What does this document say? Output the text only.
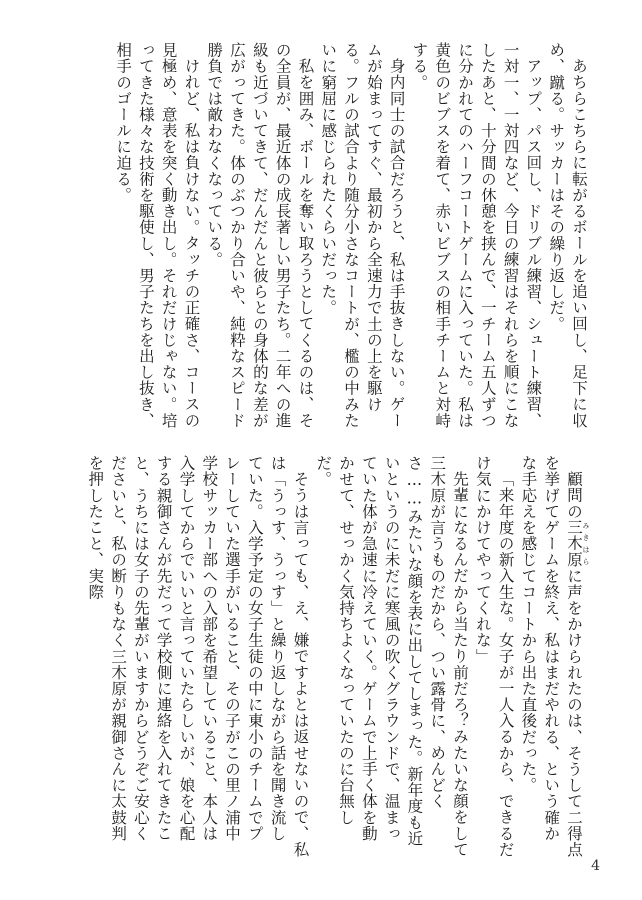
あちらこちらに転がるボールを追い回し、足下に収め、蹴る。サッカーはその繰り返しだ。

アップ、パス回し、ドリブル練習、シュート練習、一対一、一対四など、今日の練習はそれらを順にこなしたあと、十分間の休憩を挟んで、一チーム五人ずつに分かれてのハーフコートゲームに入っていた。私は黄色のビブスを着て、赤いビブスの相手チームと対峙する。

身内同士の試合だろうと、私は手抜きしない。ゲームが始まってすぐ、最初から全速力で土の上を駆ける。フルの試合より随分小さなコートが、檻の中みたいに窮屈に感じられたくらいだった。

私を囲み、ボールを奪い取ろうとしてくるのは、その全員が、最近体の成長著しい男子たち。二年への進級も近づいてきて、だんだんと彼らとの身体的な差が広がってきた。体のぶつかり合いや、純粋なスピード勝負では敵わなくなっている。

けれど、私は負けない。タッチの正確さ、コースの見極め、意表を突く動き出し。それだけじゃない。培ってきた様々な技術を駆使し、男子たちを出し抜き、相手のゴールに迫る。

顧問の三木原 みきはらに声をかけられたのは、そうして二得点を挙げてゲームを終え、私はまだやれる、という確かな手応えを感じてコートから出た直後だった。

「来年度の新入生な。女子が一人入るから、できるだけ気にかけてやってくれな」

先輩になるんだから当たり前だろ？みたいな顔をして三木原が言うものだから、つい露骨に、めんどくさ……みたいな顔を表に出してしまった。新年度も近いというのに未だに寒風の吹くグラウンドで、温まっていた体が急速に冷えていく。ゲームで上手く体を動かせて、せっかく気持ちよくなっていたのに台無しだ。

そうは言っても、え、嫌ですよとは返せないので、私は「うっす、うっす」と繰り返しながら話を聞き流していた。入学予定の女子生徒の中に東小のチームでプレーしていた選手がいること、その子がこの里ノ浦中学校サッカー部への入部を希望していること、本人は入学してからでいいと言っていたらしいが、娘を心配する親御さんが先だって学校側に連絡を入れてきたこと、うちには女子の先輩がいますからどうぞご安心くださいと、私の断りもなく三木原が親御さんに太鼓判を押したこと、実際

4
